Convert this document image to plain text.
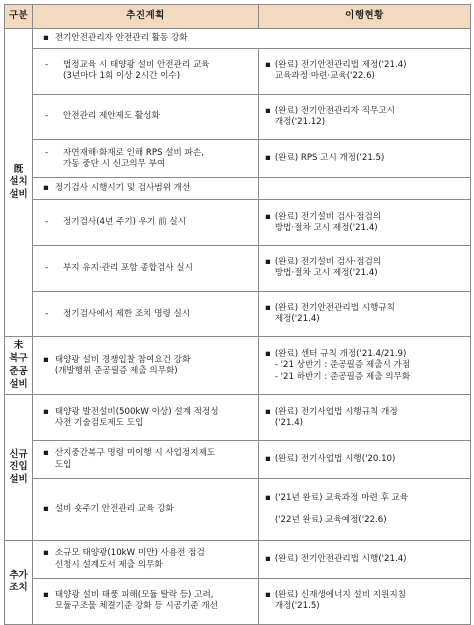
구분	추진계획	이행현황
旣
설치
설비	▪ 전기안전관리자 안전관리 활동 강화	

	- 법정교육 시 태양광 설비 안전관리 교육
(3년마다 1회 이상 2시간 이수)	▪ (완료) 전기안전관리법 제정('21.4)
교육과정 마련·교육('22.6)

	- 안전관리 제안제도 활성화	▪ (완료) 전기안전관리자 직무고시
개정('21.12)

	- 자연재해·화재로 인해 RPS 설비 파손,
가동 중단 시 신고의무 부여	▪ (완료) RPS 고시 개정('21.5)

	▪ 정기검사 시행시기 및 검사범위 개선	

	- 정기검사(4년 주기) 우기 前 실시	▪ (완료) 전기설비 검사·점검의
방법·절차 고시 제정('21.4)

	- 부지 유지·관리 포함 종합검사 실시	▪ (완료) 전기설비 검사·점검의
방법·절차 고시 제정('21.4)

	- 정기검사에서 제한 조치 명령 실시	▪ (완료) 전기안전관리법 시행규칙
제정('21.4)

未
복구
준공
설비	▪ 태양광 설비 경쟁입찰 참여요건 강화
(개발행위 준공필증 제출 의무화)	▪ (완료) 센터 규칙 개정('21.4/21.9)
- '21 상반기 : 준공필증 제출시 가점
- '21 하반기 : 준공필증 제출 의무화

신규
진입
설비	▪ 태양광 발전설비(500kW 이상) 설계 적정성
사전 기술검토제도 도입	▪ (완료) 전기사업법 시행규칙 개정
('21.4)

	▪ 산지중간복구 명령 미이행 시 사업정지제도
도입	▪ (완료) 전기사업법 시행('20.10)

	▪ 설비 숏주기 안전관리 교육 강화	▪ ('21년 완료) 교육과정 마련 후 교육

('22년 완료) 교육예정('22.6)

추가
조치	▪ 소규모 태양광(10kW 미만) 사용전 점검
신청시 설계도서 제출 의무화	▪ (완료) 전기안전관리법 시행('21.4)

	▪ 태양광 설비 태풍 피해(모듈 탈락 등) 고려,
모듈구조물 체결기준 강화 등 시공기준 개선	▪ (완료) 신재생에너지 설비 지원지침
개정('21.5)
